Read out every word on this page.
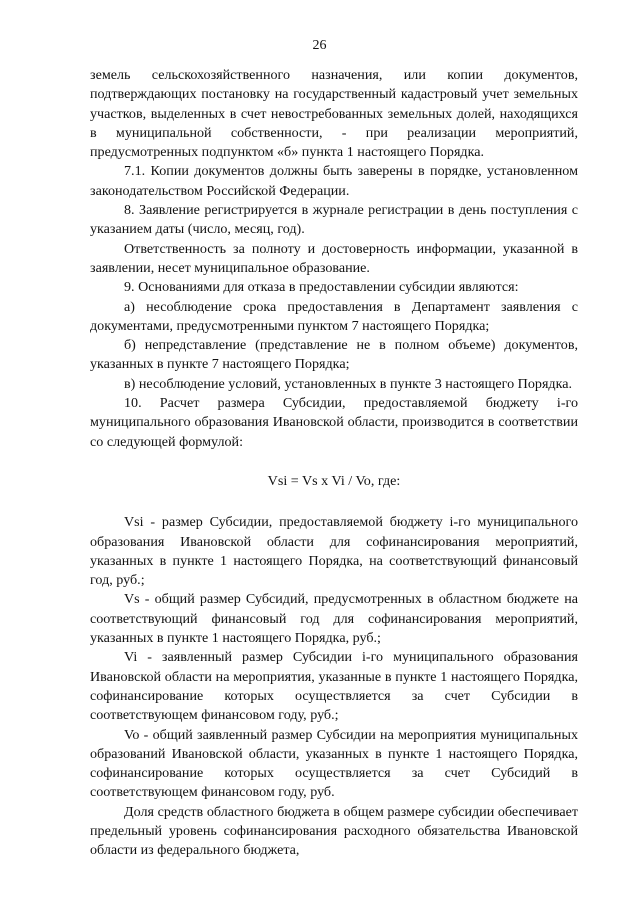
26

земель сельскохозяйственного назначения, или копии документов, подтверждающих постановку на государственный кадастровый учет земельных участков, выделенных в счет невостребованных земельных долей, находящихся в муниципальной собственности, - при реализации мероприятий, предусмотренных подпунктом «б» пункта 1 настоящего Порядка.

7.1. Копии документов должны быть заверены в порядке, установленном законодательством Российской Федерации.

8. Заявление регистрируется в журнале регистрации в день поступления с указанием даты (число, месяц, год).

Ответственность за полноту и достоверность информации, указанной в заявлении, несет муниципальное образование.

9. Основаниями для отказа в предоставлении субсидии являются:

а) несоблюдение срока предоставления в Департамент заявления с документами, предусмотренными пунктом 7 настоящего Порядка;

б) непредставление (представление не в полном объеме) документов, указанных в пункте 7 настоящего Порядка;

в) несоблюдение условий, установленных в пункте 3 настоящего Порядка.

10. Расчет размера Субсидии, предоставляемой бюджету i-го муниципального образования Ивановской области, производится в соответствии со следующей формулой:

Vsi = Vs x Vi / Vo, где:

Vsi - размер Субсидии, предоставляемой бюджету i-го муниципального образования Ивановской области для софинансирования мероприятий, указанных в пункте 1 настоящего Порядка, на соответствующий финансовый год, руб.;

Vs - общий размер Субсидий, предусмотренных в областном бюджете на соответствующий финансовый год для софинансирования мероприятий, указанных в пункте 1 настоящего Порядка, руб.;

Vi - заявленный размер Субсидии i-го муниципального образования Ивановской области на мероприятия, указанные в пункте 1 настоящего Порядка, софинансирование которых осуществляется за счет Субсидии в соответствующем финансовом году, руб.;

Vo - общий заявленный размер Субсидии на мероприятия муниципальных образований Ивановской области, указанных в пункте 1 настоящего Порядка, софинансирование которых осуществляется за счет Субсидий в соответствующем финансовом году, руб.

Доля средств областного бюджета в общем размере субсидии обеспечивает предельный уровень софинансирования расходного обязательства Ивановской области из федерального бюджета,
